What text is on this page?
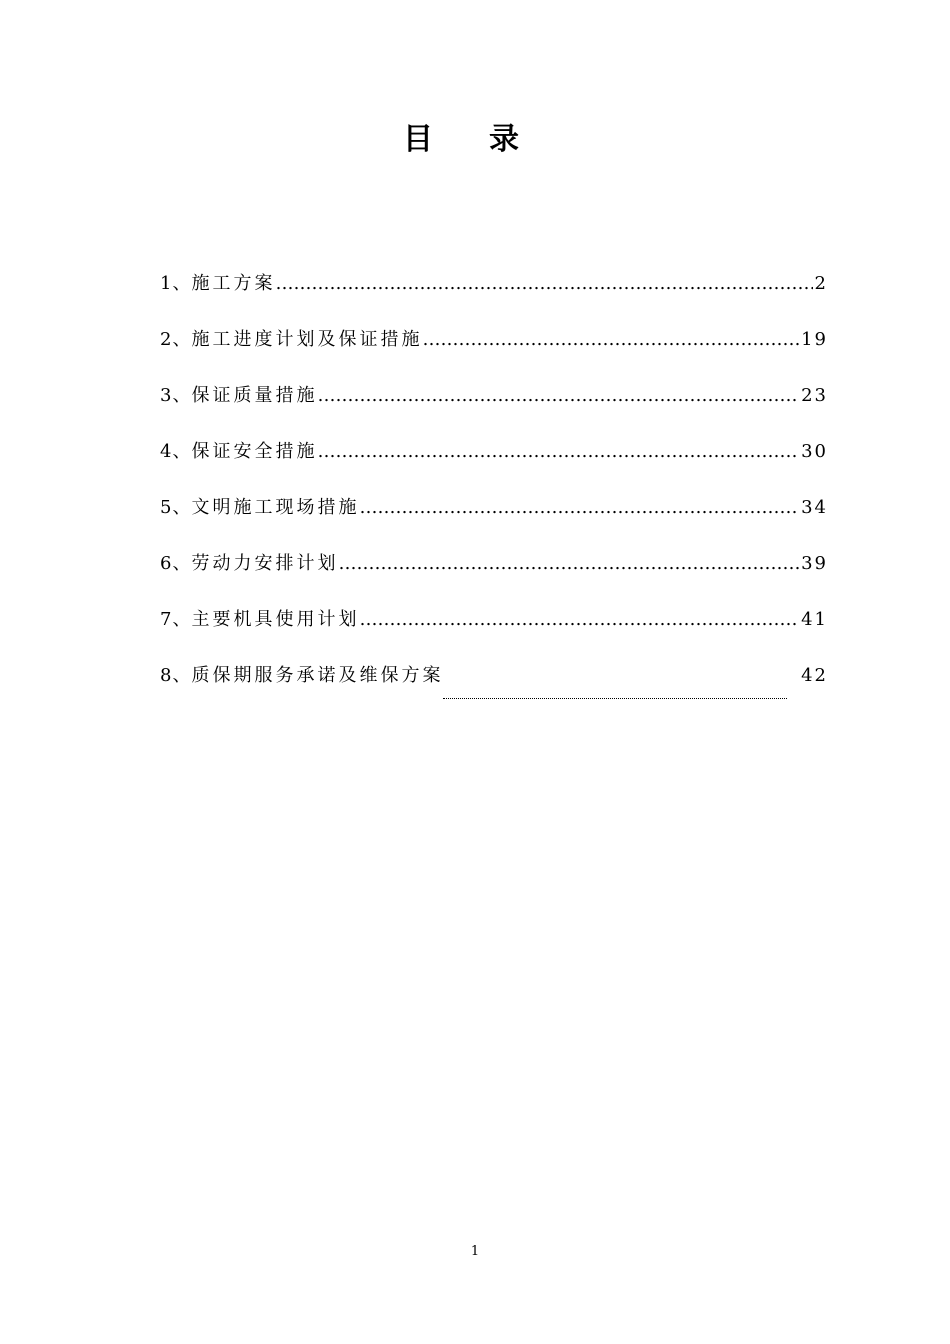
目录
1、 施工方案 ……………………………………………………………………………………………………………………………………	2
2、 施工进度计划及保证措施 ……………………………………………………………………………………………………………………………………	19
3、 保证质量措施 ……………………………………………………………………………………………………………………………………	23
4、 保证安全措施 ……………………………………………………………………………………………………………………………………	30
5、 文明施工现场措施 ……………………………………………………………………………………………………………………………………	34
6、 劳动力安排计划 ……………………………………………………………………………………………………………………………………	39
7、 主要机具使用计划 ……………………………………………………………………………………………………………………………………	41
8、 质保期服务承诺及维保方案	42
1
